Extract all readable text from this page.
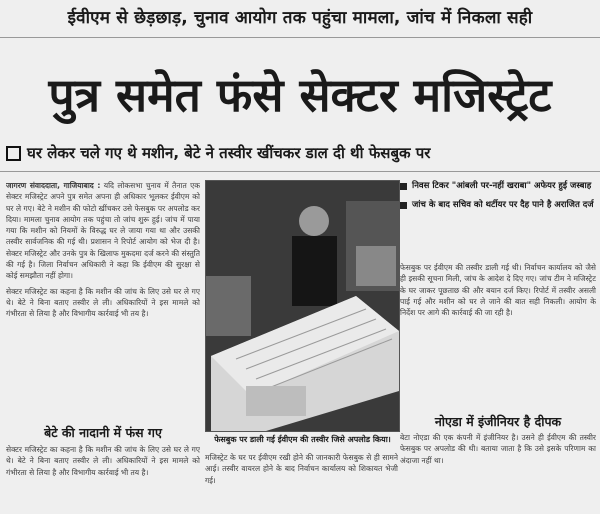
ईवीएम से छेड़छाड़, चुनाव आयोग तक पहुंचा मामला, जांच में निकला सही
पुत्र समेत फंसे सेक्टर मजिस्ट्रेट
घर लेकर चले गए थे मशीन, बेटे ने तस्वीर खींचकर डाल दी थी फेसबुक पर

जागरण संवाददाता, गाजियाबाद : यदि लोकसभा चुनाव में तैनात एक सेक्टर मजिस्ट्रेट अपने पुत्र समेत अपना ही अधिकार भूलकर ईवीएम को घर ले गए। बेटे ने मशीन की फोटो खींचकर उसे फेसबुक पर अपलोड कर दिया। मामला चुनाव आयोग तक पहुंचा तो जांच शुरू हुई। जांच में पाया गया कि मशीन को नियमों के विरुद्ध घर ले जाया गया था और उसकी तस्वीर सार्वजनिक की गई थी। प्रशासन ने रिपोर्ट आयोग को भेज दी है। सेक्टर मजिस्ट्रेट और उनके पुत्र के खिलाफ मुकदमा दर्ज करने की संस्तुति की गई है। जिला निर्वाचन अधिकारी ने कहा कि ईवीएम की सुरक्षा से कोई समझौता नहीं होगा।

सेक्टर मजिस्ट्रेट का कहना है कि मशीन की जांच के लिए उसे घर ले गए थे। बेटे ने बिना बताए तस्वीर ले ली। अधिकारियों ने इस मामले को गंभीरता से लिया है और विभागीय कार्रवाई भी तय है।

फेसबुक पर डाली गई ईवीएम की तस्वीर जिसे अपलोड किया।
निवस टिकर "आंबली पर-नहीं खराबा" अफेयर हुई जस्बाह
जांच के बाद सचिव को थर्टीयर पर दैह पाने है अराजित दर्ज

फेसबुक पर ईवीएम की तस्वीर डाली गई थी। निर्वाचन कार्यालय को जैसे ही इसकी सूचना मिली, जांच के आदेश दे दिए गए। जांच टीम ने मजिस्ट्रेट के घर जाकर पूछताछ की और बयान दर्ज किए। रिपोर्ट में तस्वीर असली पाई गई और मशीन को घर ले जाने की बात सही निकली। आयोग के निर्देश पर आगे की कार्रवाई की जा रही है।

बेटे की नादानी में फंस गए
नोएडा में इंजीनियर है दीपक

सेक्टर मजिस्ट्रेट का कहना है कि मशीन की जांच के लिए उसे घर ले गए थे। बेटे ने बिना बताए तस्वीर ले ली। अधिकारियों ने इस मामले को गंभीरता से लिया है और विभागीय कार्रवाई भी तय है।

मजिस्ट्रेट के घर पर ईवीएम रखी होने की जानकारी फेसबुक से ही सामने आई। तस्वीर वायरल होने के बाद निर्वाचन कार्यालय को शिकायत भेजी गई।

बेटा नोएडा की एक कंपनी में इंजीनियर है। उसने ही ईवीएम की तस्वीर फेसबुक पर अपलोड की थी। बताया जाता है कि उसे इसके परिणाम का अंदाजा नहीं था।
